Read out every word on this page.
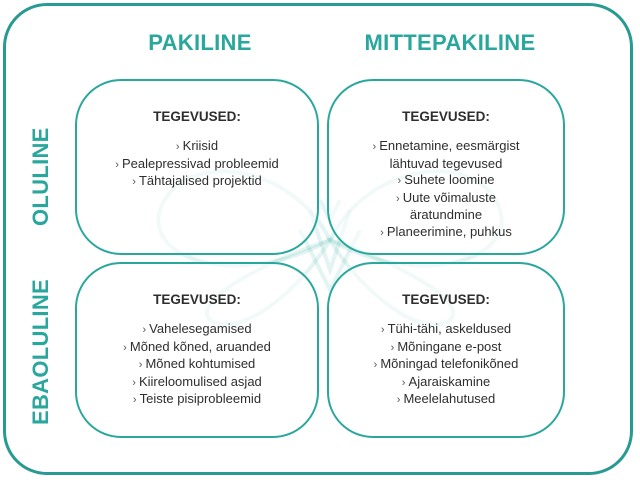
PAKILINE	MITTEPAKILINE
OLULINE
EBAOLULINE
TEGEVUSED:
› Kriisid
› Pealepressivad probleemid
› Tähtajalised projektid
TEGEVUSED:
› Ennetamine, eesmärgist lähtuvad tegevused
› Suhete loomine
› Uute võimaluste äratundmine
› Planeerimine, puhkus
TEGEVUSED:
› Vahelesegamised
› Mõned kõned, aruanded
› Mõned kohtumised
› Kiireloomulised asjad
› Teiste pisiprobleemid
TEGEVUSED:
› Tühi-tähi, askeldused
› Mõningane e-post
› Mõningad telefonikõned
› Ajaraiskamine
› Meelelahutused
